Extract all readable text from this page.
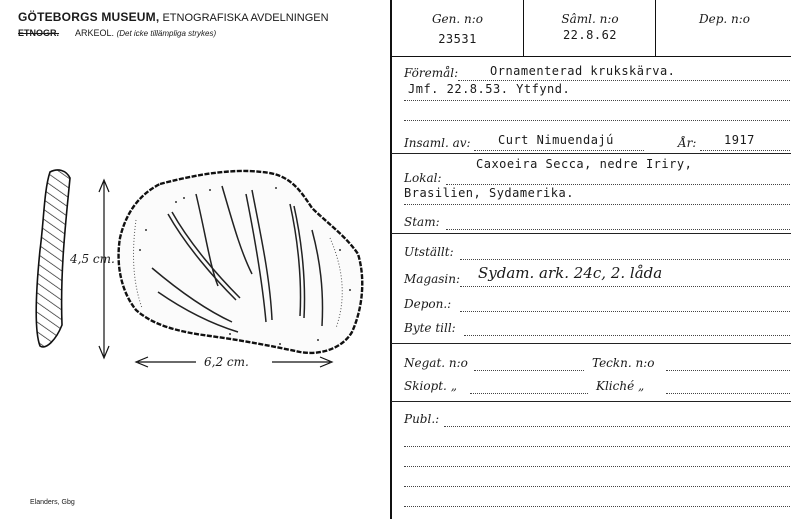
GÖTEBORGS MUSEUM, ETNOGRAFISKA AVDELNINGEN
ETNOGR. ARKEOL. (Det icke tillämpliga strykes)
4,5 cm.
6,2 cm.
Elanders, Gbg
Gen. n:o
23531
Sâml. n:o
22.8.62
Dep. n:o
Föremål:	Ornamenterad krukskärva.
Jmf. 22.8.53. Ytfynd.
Insaml. av: Curt Nimuendajú	År: 1917
Caxoeira Secca, nedre Iriry,
Lokal:
Brasilien, Sydamerika.
Stam:
Utställt:
Magasin: Sydam. ark. 24c, 2. låda
Depon.:
Byte till:
Negat. n:o	Teckn. n:o
Skiopt. „	Kliché „
Publ.:
